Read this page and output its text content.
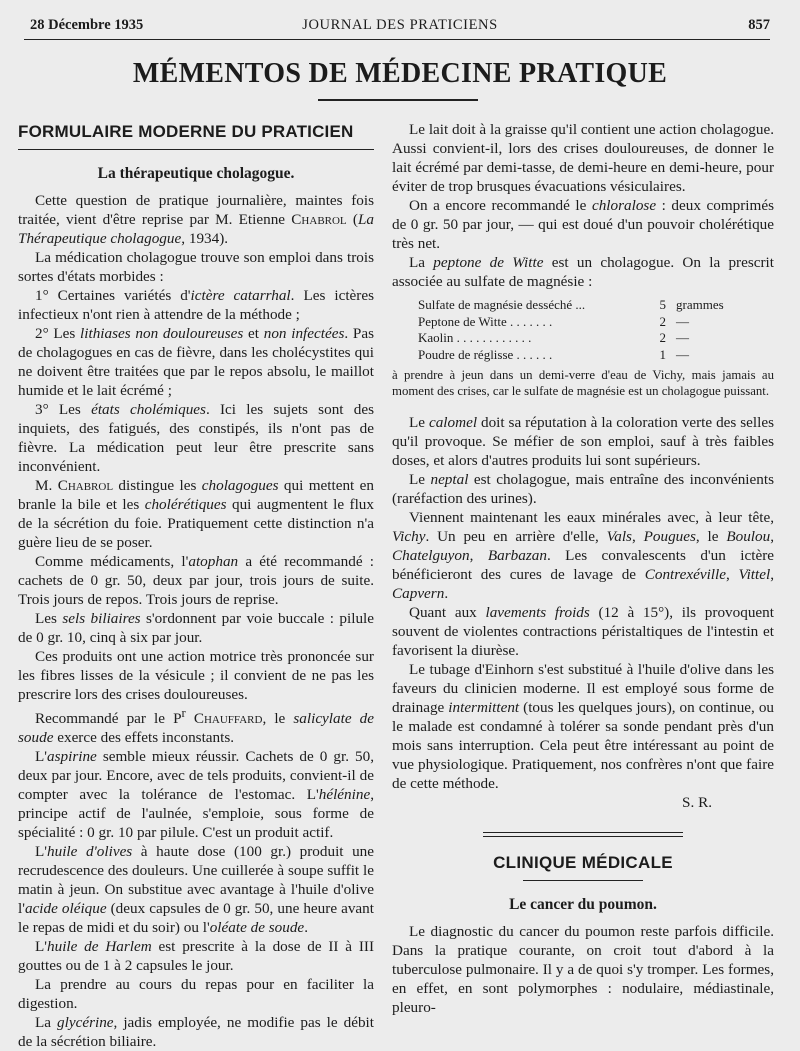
28 Décembre 1935	JOURNAL DES PRATICIENS	857
MÉMENTOS DE MÉDECINE PRATIQUE
FORMULAIRE MODERNE DU PRATICIEN
La thérapeutique cholagogue.

Cette question de pratique journalière, maintes fois traitée, vient d'être reprise par M. Etienne Chabrol (La Thérapeutique cholagogue, 1934).

La médication cholagogue trouve son emploi dans trois sortes d'états morbides :

1° Certaines variétés d'ictère catarrhal. Les ictères infectieux n'ont rien à attendre de la méthode ;

2° Les lithiases non douloureuses et non infectées. Pas de cholagogues en cas de fièvre, dans les cholécystites qui ne doivent être traitées que par le repos absolu, le maillot humide et le lait écrémé ;

3° Les états cholémiques. Ici les sujets sont des inquiets, des fatigués, des constipés, ils n'ont pas de fièvre. La médication peut leur être prescrite sans inconvénient.

M. Chabrol distingue les cholagogues qui mettent en branle la bile et les cholérétiques qui augmentent le flux de la sécrétion du foie. Pratiquement cette distinction n'a guère lieu de se poser.

Comme médicaments, l'atophan a été recommandé : cachets de 0 gr. 50, deux par jour, trois jours de suite. Trois jours de repos. Trois jours de reprise.

Les sels biliaires s'ordonnent par voie buccale : pilule de 0 gr. 10, cinq à six par jour.

Ces produits ont une action motrice très prononcée sur les fibres lisses de la vésicule ; il convient de ne pas les prescrire lors des crises douloureuses.

Recommandé par le $P^r$ Chauffard, le salicylate de soude exerce des effets inconstants.

L'aspirine semble mieux réussir. Cachets de 0 gr. 50, deux par jour. Encore, avec de tels produits, convient-il de compter avec la tolérance de l'estomac. L'hélénine, principe actif de l'aulnée, s'emploie, sous forme de spécialité : 0 gr. 10 par pilule. C'est un produit actif.

L'huile d'olives à haute dose (100 gr.) produit une recrudescence des douleurs. Une cuillerée à soupe suffit le matin à jeun. On substitue avec avantage à l'huile d'olive l'acide oléique (deux capsules de 0 gr. 50, une heure avant le repas de midi et du soir) ou l'oléate de soude.

L'huile de Harlem est prescrite à la dose de II à III gouttes ou de 1 à 2 capsules le jour.

La prendre au cours du repas pour en faciliter la digestion.

La glycérine, jadis employée, ne modifie pas le débit de la sécrétion biliaire.

Le lait doit à la graisse qu'il contient une action cholagogue. Aussi convient-il, lors des crises douloureuses, de donner le lait écrémé par demi-tasse, de demi-heure en demi-heure, pour éviter de trop brusques évacuations vésiculaires.

On a encore recommandé le chloralose : deux comprimés de 0 gr. 50 par jour, — qui est doué d'un pouvoir cholérétique très net.

La peptone de Witte est un cholagogue. On la prescrit associée au sulfate de magnésie :

Sulfate de magnésie desséché ...	5 grammes
Peptone de Witte . . . . . . .	2 —
Kaolin . . . . . . . . . . . .	2 —
Poudre de réglisse . . . . . .	1 —

à prendre à jeun dans un demi-verre d'eau de Vichy, mais jamais au moment des crises, car le sulfate de magnésie est un cholagogue puissant.

Le calomel doit sa réputation à la coloration verte des selles qu'il provoque. Se méfier de son emploi, sauf à très faibles doses, et alors d'autres produits lui sont supérieurs.

Le neptal est cholagogue, mais entraîne des inconvénients (raréfaction des urines).

Viennent maintenant les eaux minérales avec, à leur tête, Vichy. Un peu en arrière d'elle, Vals, Pougues, le Boulou, Chatelguyon, Barbazan. Les convalescents d'un ictère bénéficieront des cures de lavage de Contrexéville, Vittel, Capvern.

Quant aux lavements froids (12 à 15°), ils provoquent souvent de violentes contractions péristaltiques de l'intestin et favorisent la diurèse.

Le tubage d'Einhorn s'est substitué à l'huile d'olive dans les faveurs du clinicien moderne. Il est employé sous forme de drainage intermittent (tous les quelques jours), on continue, ou le malade est condamné à tolérer sa sonde pendant près d'un mois sans interruption. Cela peut être intéressant au point de vue physiologique. Pratiquement, nos confrères n'ont que faire de cette méthode.

S. R.

CLINIQUE MÉDICALE
Le cancer du poumon.

Le diagnostic du cancer du poumon reste parfois difficile. Dans la pratique courante, on croit tout d'abord à la tuberculose pulmonaire. Il y a de quoi s'y tromper. Les formes, en effet, en sont polymorphes : nodulaire, médiastinale, pleuro-
